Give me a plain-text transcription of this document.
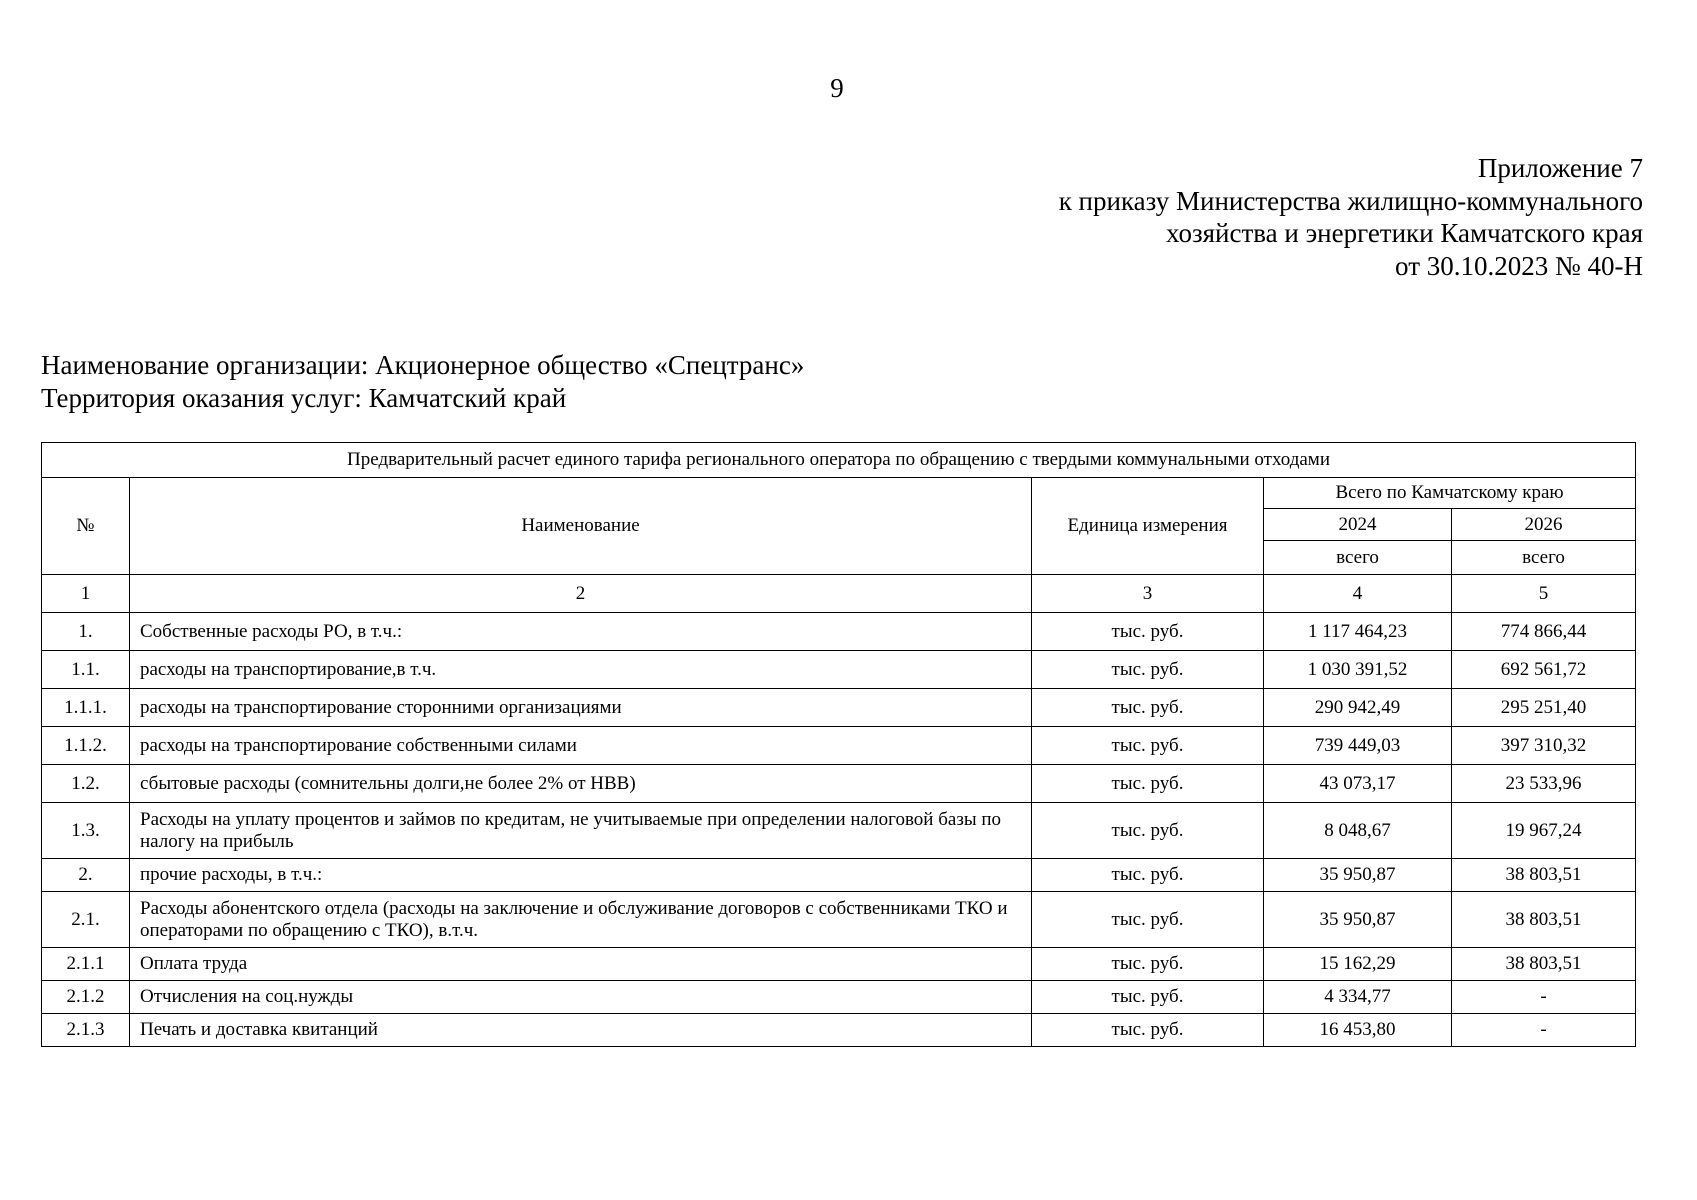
9
Приложение 7
к приказу Министерства жилищно-коммунального
хозяйства и энергетики Камчатского края
от 30.10.2023 № 40-Н
Наименование организации: Акционерное общество «Спецтранс»
Территория оказания услуг: Камчатский край
Предварительный расчет единого тарифа регионального оператора по обращению с твердыми коммунальными отходами				
№	Наименование	Единица измерения	Всего по Камчатскому краю	
			2024	2026
			всего	всего
1	2	3	4	5
1.	Собственные расходы РО, в т.ч.:	тыс. руб.	1 117 464,23	774 866,44
1.1.	расходы на транспортирование,в т.ч.	тыс. руб.	1 030 391,52	692 561,72
1.1.1.	расходы на транспортирование сторонними организациями	тыс. руб.	290 942,49	295 251,40
1.1.2.	расходы на транспортирование собственными силами	тыс. руб.	739 449,03	397 310,32
1.2.	сбытовые расходы (сомнительны долги,не более 2% от НВВ)	тыс. руб.	43 073,17	23 533,96
1.3.	Расходы на уплату процентов и займов по кредитам, не учитываемые при определении налоговой базы по налогу на прибыль	тыс. руб.	8 048,67	19 967,24
2.	прочие расходы, в т.ч.:	тыс. руб.	35 950,87	38 803,51
2.1.	Расходы абонентского отдела (расходы на заключение и обслуживание договоров с собственниками ТКО и операторами по обращению с ТКО), в.т.ч.	тыс. руб.	35 950,87	38 803,51
2.1.1	Оплата труда	тыс. руб.	15 162,29	38 803,51
2.1.2	Отчисления на соц.нужды	тыс. руб.	4 334,77	-
2.1.3	Печать и доставка квитанций	тыс. руб.	16 453,80	-
